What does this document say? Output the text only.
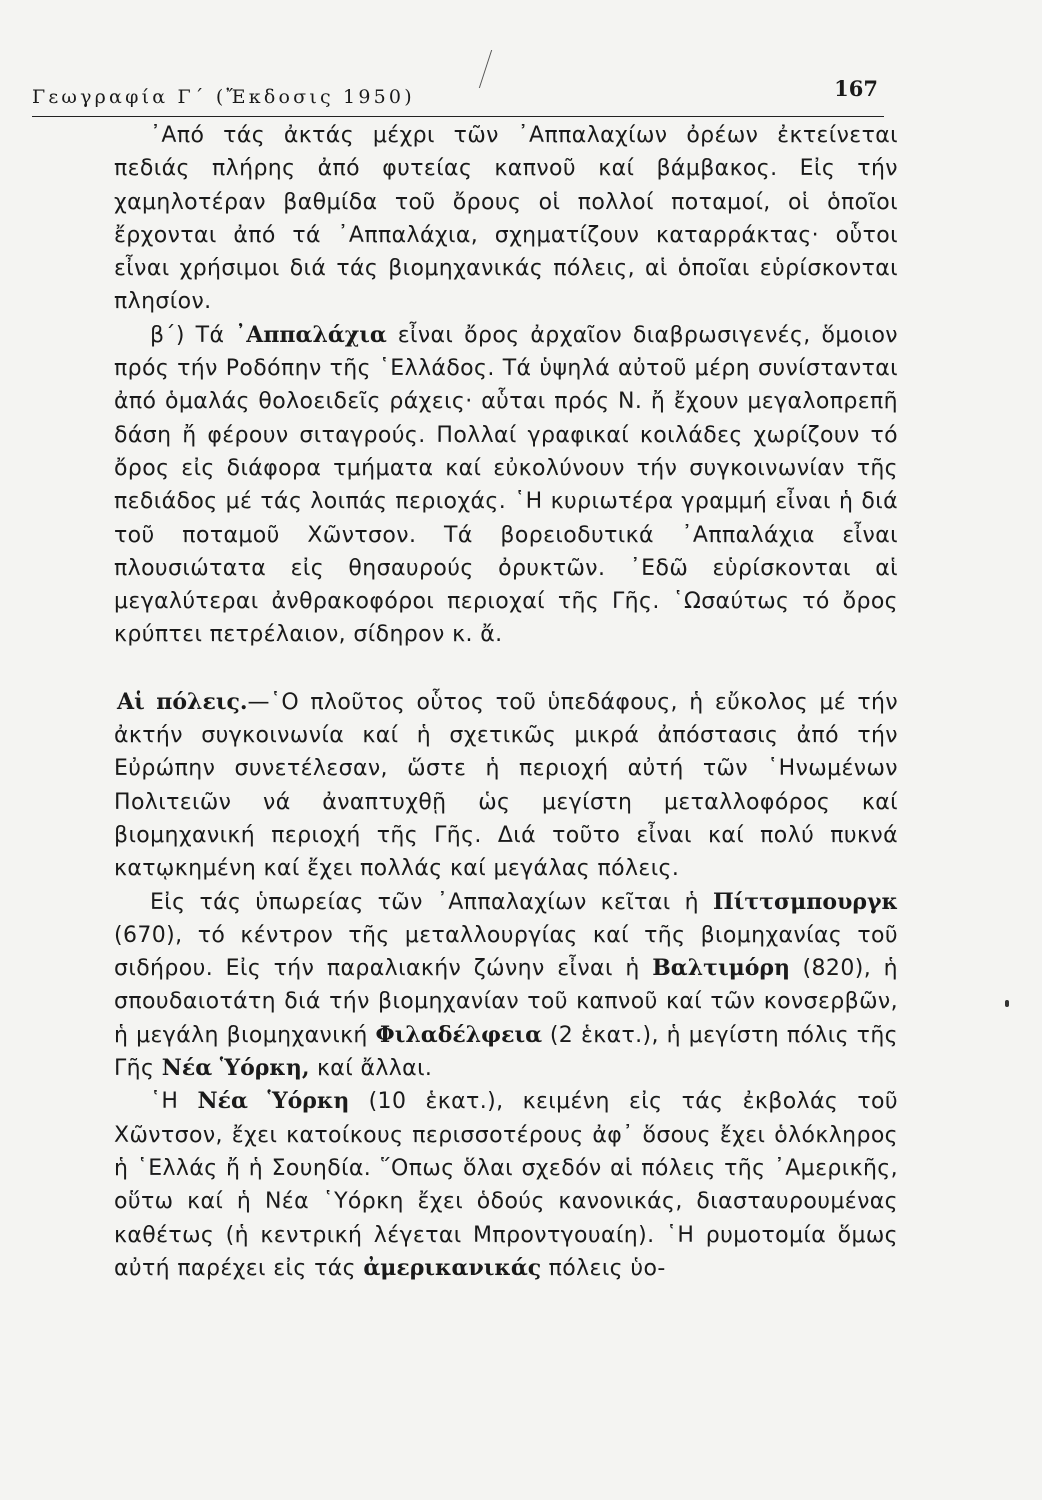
Γεωγραφία Γ΄ (Ἔκδοσις 1950)	167

᾿Από τάς ἀκτάς μέχρι τῶν ᾿Αππαλαχίων ὀρέων ἐκτείνεται πεδιάς πλήρης ἀπό φυτείας καπνοῦ καί βάμβακος. Εἰς τήν χαμηλοτέραν βαθμίδα τοῦ ὄρους οἱ πολλοί ποταμοί, οἱ ὁποῖοι ἔρχονται ἀπό τά ᾿Αππαλάχια, σχηματίζουν καταρράκτας· οὗτοι εἶναι χρήσιμοι διά τάς βιομηχανικάς πόλεις, αἱ ὁποῖαι εὑρίσκονται πλησίον.

β΄) Τά ᾿Αππαλάχια εἶναι ὄρος ἀρχαῖον διαβρωσιγενές, ὅμοιον πρός τήν Ροδόπην τῆς ῾Ελλάδος. Τά ὑψηλά αὐτοῦ μέρη συνίστανται ἀπό ὁμαλάς θολοειδεῖς ράχεις· αὗται πρός Ν. ἤ ἔχουν μεγαλοπρεπῆ δάση ἤ φέρουν σιταγρούς. Πολλαί γραφικαί κοιλάδες χωρίζουν τό ὄρος εἰς διάφορα τμήματα καί εὐκολύνουν τήν συγκοινωνίαν τῆς πεδιάδος μέ τάς λοιπάς περιοχάς. ῾Η κυριωτέρα γραμμή εἶναι ἡ διά τοῦ ποταμοῦ Χῶντσον. Τά βορειοδυτικά ᾿Αππαλάχια εἶναι πλουσιώτατα εἰς θησαυρούς ὀρυκτῶν. ᾿Εδῶ εὑρίσκονται αἱ μεγαλύτεραι ἀνθρακοφόροι περιοχαί τῆς Γῆς. ῾Ωσαύτως τό ὄρος κρύπτει πετρέλαιον, σίδηρον κ. ἄ.

Αἱ πόλεις.—῾Ο πλοῦτος οὗτος τοῦ ὑπεδάφους, ἡ εὔκολος μέ τήν ἀκτήν συγκοινωνία καί ἡ σχετικῶς μικρά ἀπόστασις ἀπό τήν Εὐρώπην συνετέλεσαν, ὥστε ἡ περιοχή αὐτή τῶν ῾Ηνωμένων Πολιτειῶν νά ἀναπτυχθῇ ὡς μεγίστη μεταλλοφόρος καί βιομηχανική περιοχή τῆς Γῆς. Διά τοῦτο εἶναι καί πολύ πυκνά κατῳκημένη καί ἔχει πολλάς καί μεγάλας πόλεις.

Εἰς τάς ὑπωρείας τῶν ᾿Αππαλαχίων κεῖται ἡ Πίττσμπουργκ (670), τό κέντρον τῆς μεταλλουργίας καί τῆς βιομηχανίας τοῦ σιδήρου. Εἰς τήν παραλιακήν ζώνην εἶναι ἡ Βαλτιμόρη (820), ἡ σπουδαιοτάτη διά τήν βιομηχανίαν τοῦ καπνοῦ καί τῶν κονσερβῶν, ἡ μεγάλη βιομηχανική Φιλαδέλφεια (2 ἑκατ.), ἡ μεγίστη πόλις τῆς Γῆς Νέα Ὑόρκη, καί ἄλλαι.

῾Η Νέα Ὑόρκη (10 ἑκατ.), κειμένη εἰς τάς ἐκβολάς τοῦ Χῶντσον, ἔχει κατοίκους περισσοτέρους ἀφ᾿ ὅσους ἔχει ὁλόκληρος ἡ ῾Ελλάς ἤ ἡ Σουηδία. ῞Οπως ὅλαι σχεδόν αἱ πόλεις τῆς ᾿Αμερικῆς, οὕτω καί ἡ Νέα ῾Υόρκη ἔχει ὁδούς κανονικάς, διασταυρουμένας καθέτως (ἡ κεντρική λέγεται Μπροντγουαίη). ῾Η ρυμοτομία ὅμως αὐτή παρέχει εἰς τάς ἀμερικανικάς πόλεις ὑο-
